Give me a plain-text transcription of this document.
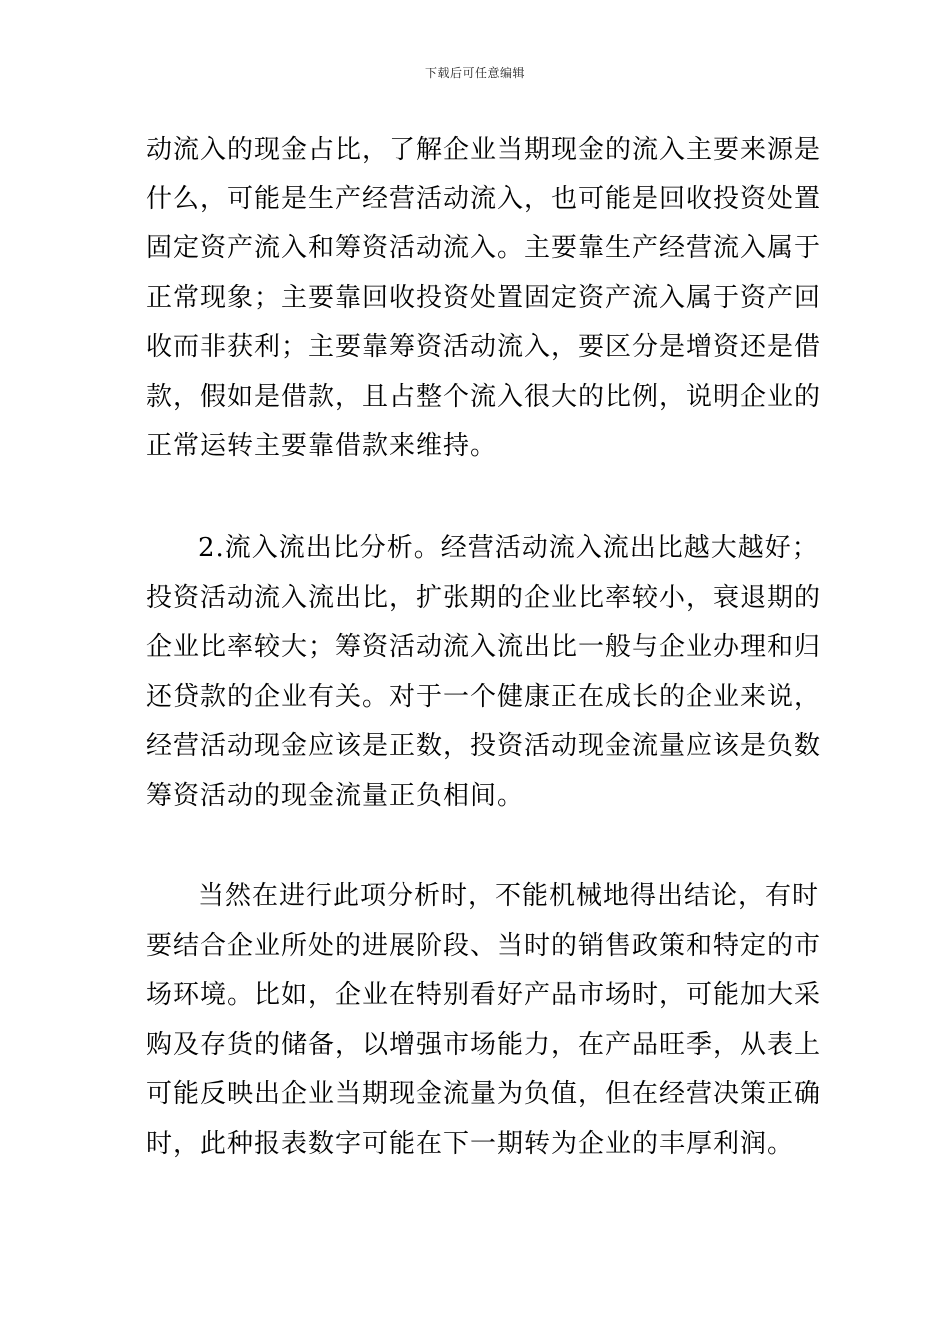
下载后可任意编辑
动流入的现金占比，了解企业当期现金的流入主要来源是
什么，可能是生产经营活动流入，也可能是回收投资处置
固定资产流入和筹资活动流入。主要靠生产经营流入属于
正常现象；主要靠回收投资处置固定资产流入属于资产回
收而非获利；主要靠筹资活动流入，要区分是增资还是借
款，假如是借款，且占整个流入很大的比例，说明企业的
正常运转主要靠借款来维持。
2.流入流出比分析。经营活动流入流出比越大越好；
投资活动流入流出比，扩张期的企业比率较小，衰退期的
企业比率较大；筹资活动流入流出比一般与企业办理和归
还贷款的企业有关。对于一个健康正在成长的企业来说，
经营活动现金应该是正数，投资活动现金流量应该是负数
筹资活动的现金流量正负相间。
当然在进行此项分析时，不能机械地得出结论，有时
要结合企业所处的进展阶段、当时的销售政策和特定的市
场环境。比如，企业在特别看好产品市场时，可能加大采
购及存货的储备，以增强市场能力，在产品旺季，从表上
可能反映出企业当期现金流量为负值，但在经营决策正确
时，此种报表数字可能在下一期转为企业的丰厚利润。
